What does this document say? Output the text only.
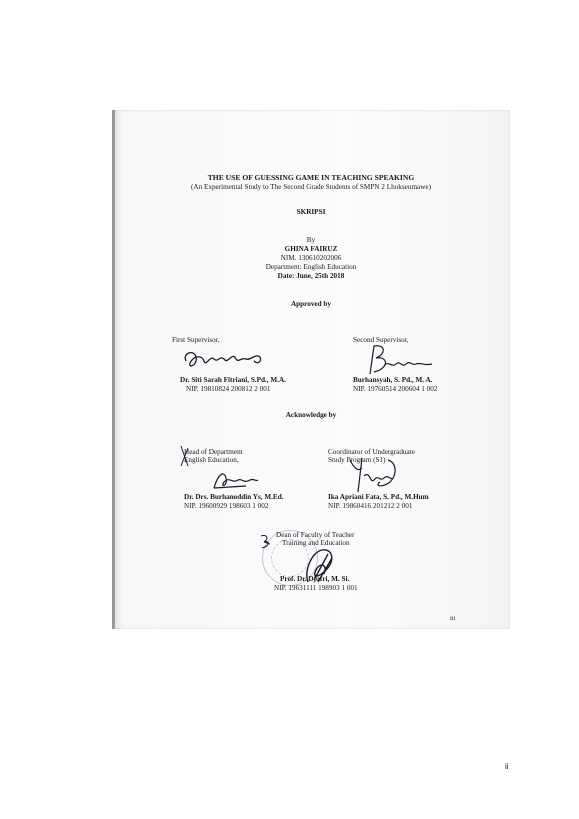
THE USE OF GUESSING GAME IN TEACHING SPEAKING
(An Experimental Study to The Second Grade Students of SMPN 2 Lhokseumawe)
SKRIPSI
By
GHINA FAIRUZ
NIM. 130610202006
Department: English Education
Date: June, 25th 2018
Approved by
First Supervisor,
Dr. Siti Sarah Fitriani, S.Pd., M.A.
NIP. 19810824 200812 2 001
Second Supervisor,
Burhansyah, S. Pd., M. A.
NIP. 19760514 200604 1 002
Acknowledge by
Head of Department
English Education,
Dr. Drs. Burhanoddin Ys, M.Ed.
NIP. 19600929 198603 1 002
Coordinator of Undergraduate
Study Program (S1)
Ika Apriani Fata, S. Pd., M.Hum
NIP. 19860416 201212 2 001
Dean of Faculty of Teacher
Training and Education
Prof. Dr. Djufri, M. Si.
NIP. 19631111 198903 1 001
iii
ii
